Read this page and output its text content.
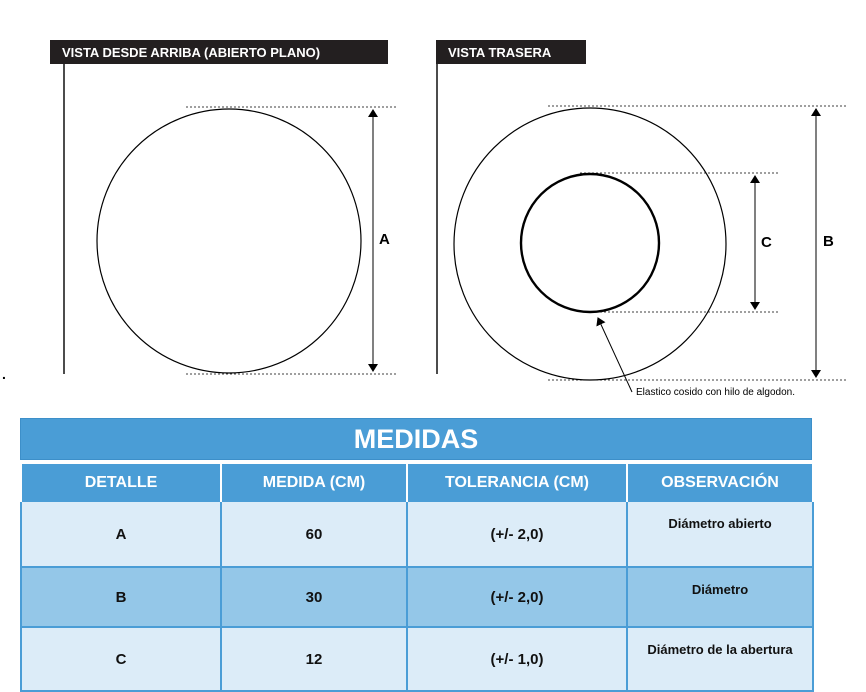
VISTA DESDE ARRIBA (ABIERTO PLANO)	VISTA TRASERA
A	C	B
Elastico cosido con hilo de algodon.
.
MEDIDAS
DETALLE	MEDIDA (CM)	TOLERANCIA (CM)	OBSERVACIÓN
A	60	(+/- 2,0)	Diámetro abierto
B	30	(+/- 2,0)	Diámetro
C	12	(+/- 1,0)	Diámetro de la abertura
